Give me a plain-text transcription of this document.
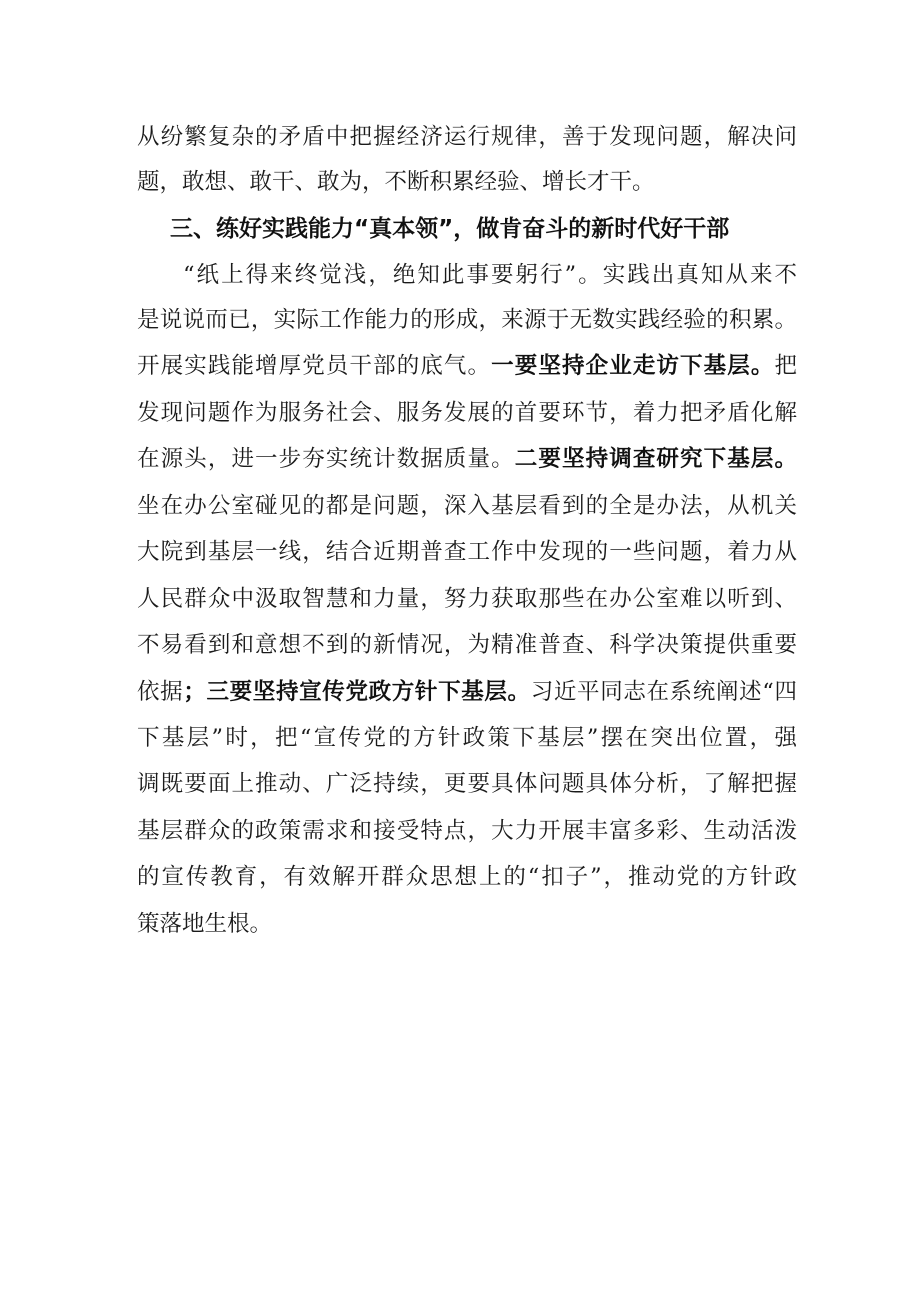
从纷繁复杂的矛盾中把握经济运行规律，善于发现问题，解决问
题，敢想、敢干、敢为，不断积累经验、增长才干。
三、练好实践能力“真本领”，做肯奋斗的新时代好干部
“纸上得来终觉浅，绝知此事要躬行”。实践出真知从来不
是说说而已，实际工作能力的形成，来源于无数实践经验的积累。
开展实践能增厚党员干部的底气。一要坚持企业走访下基层。把
发现问题作为服务社会、服务发展的首要环节，着力把矛盾化解
在源头，进一步夯实统计数据质量。二要坚持调查研究下基层。
坐在办公室碰见的都是问题，深入基层看到的全是办法，从机关
大院到基层一线，结合近期普查工作中发现的一些问题，着力从
人民群众中汲取智慧和力量，努力获取那些在办公室难以听到、
不易看到和意想不到的新情况，为精准普查、科学决策提供重要
依据；三要坚持宣传党政方针下基层。习近平同志在系统阐述“四
下基层”时，把“宣传党的方针政策下基层”摆在突出位置，强
调既要面上推动、广泛持续，更要具体问题具体分析，了解把握
基层群众的政策需求和接受特点，大力开展丰富多彩、生动活泼
的宣传教育，有效解开群众思想上的“扣子”，推动党的方针政
策落地生根。
